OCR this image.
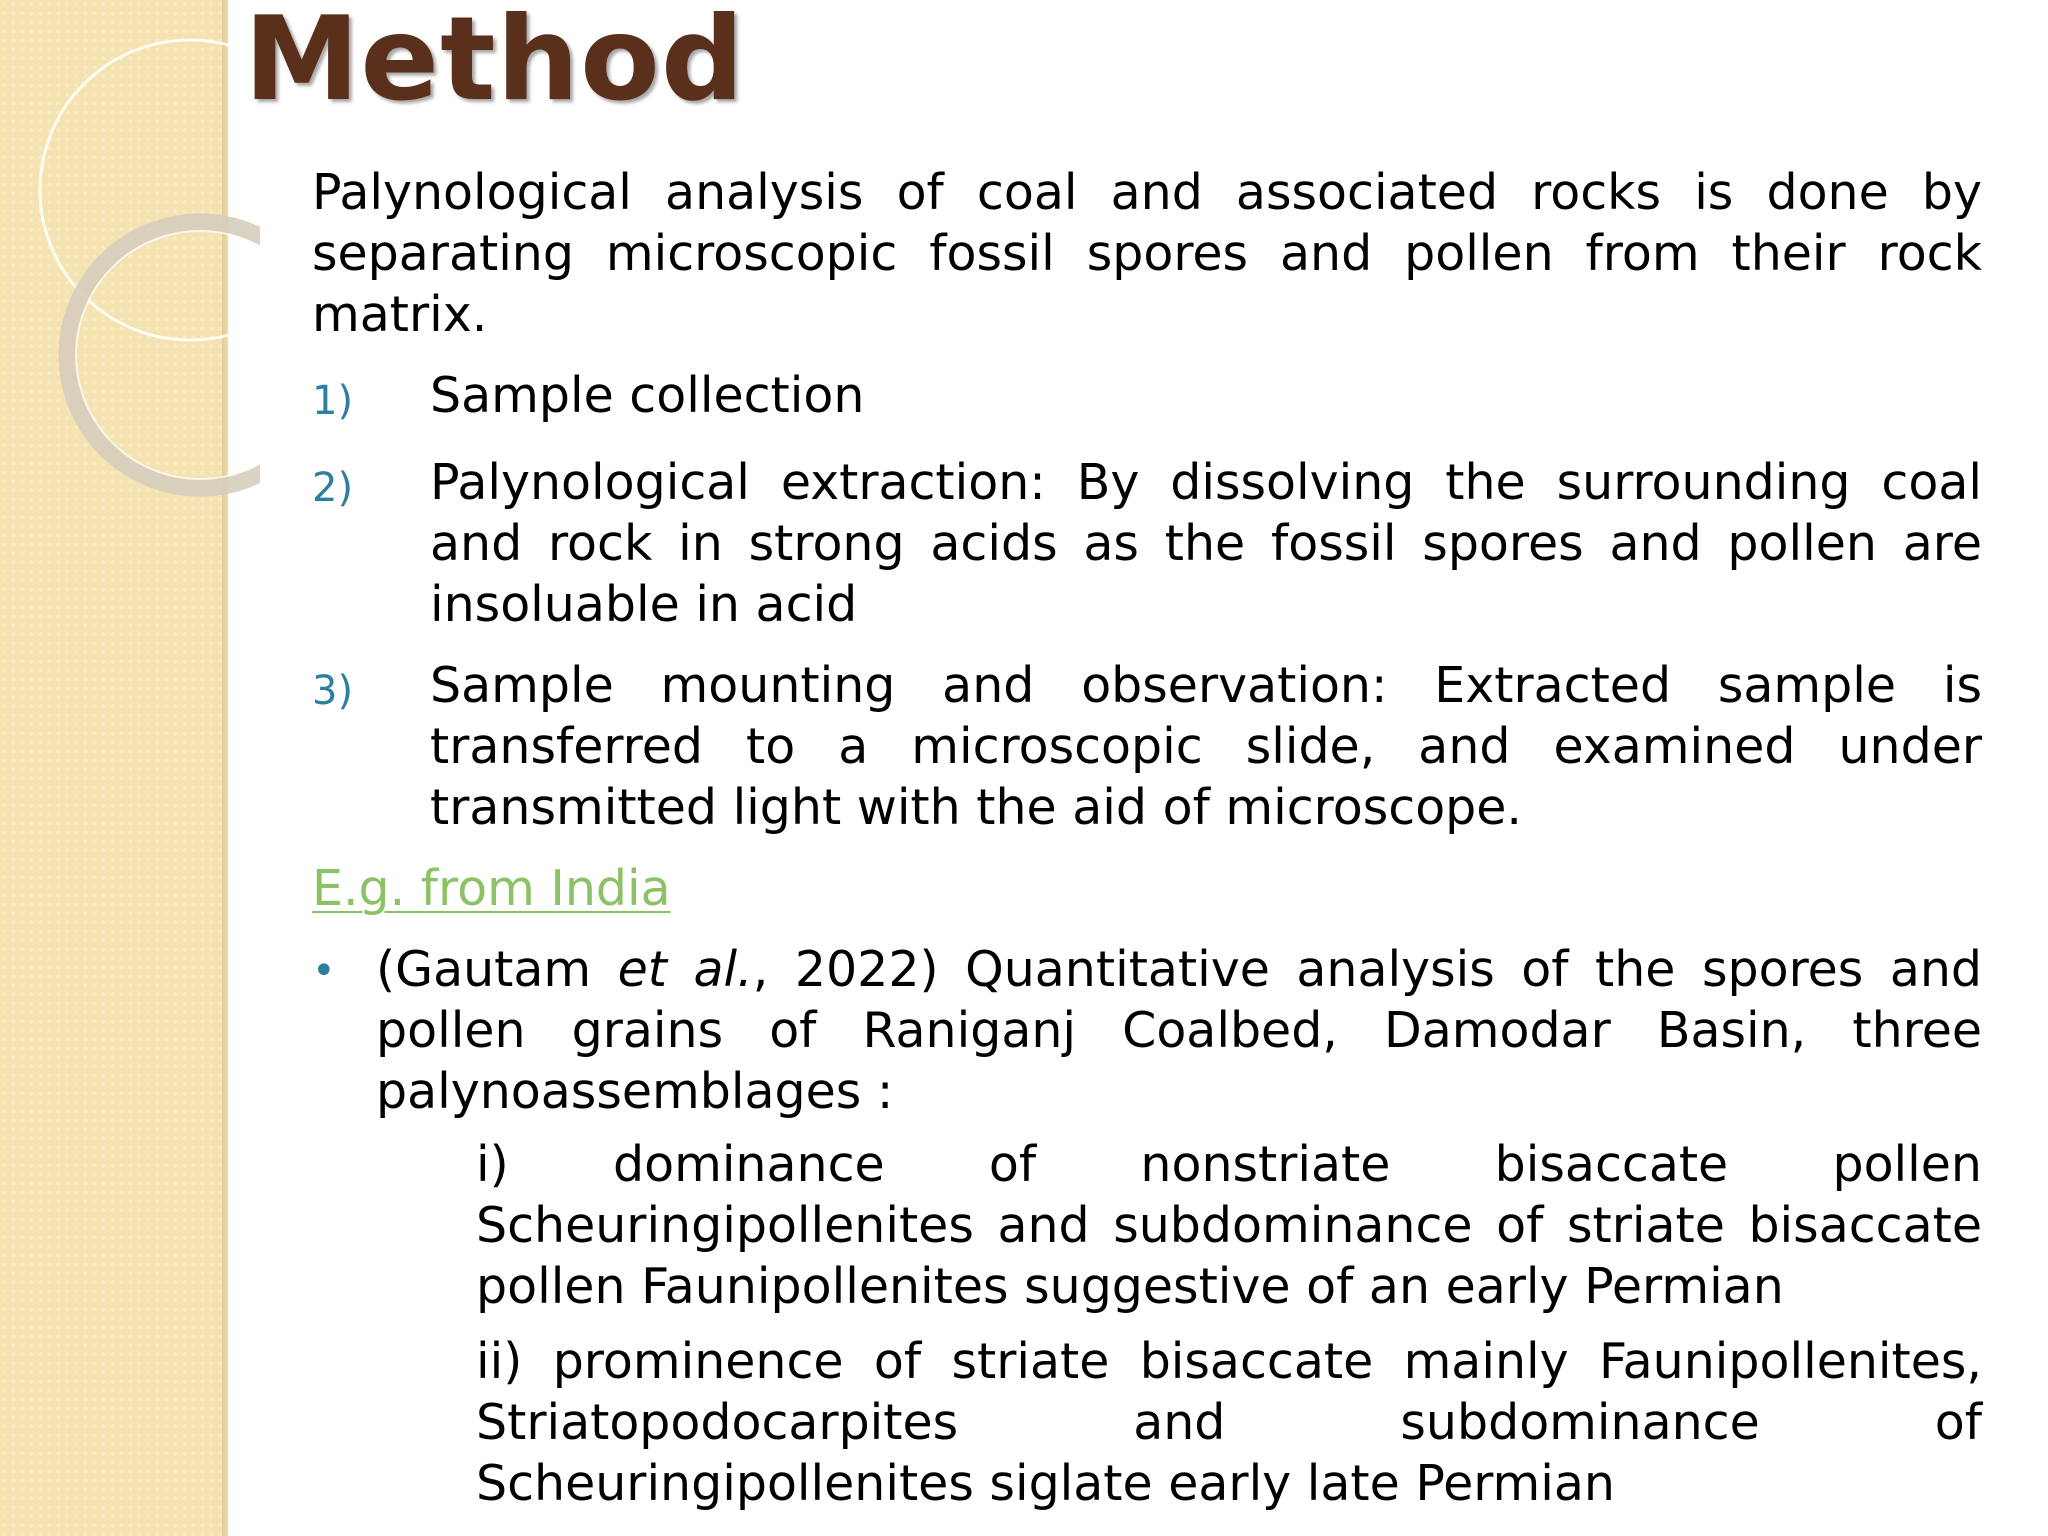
Method

Palynological analysis of coal and associated rocks is done by separating microscopic fossil spores and pollen from their rock matrix.

1)	Sample collection
2)	Palynological extraction: By dissolving the surrounding coal and rock in strong acids as the fossil spores and pollen are insoluable in acid
3)	Sample mounting and observation: Extracted sample is transferred to a microscopic slide, and examined under transmitted light with the aid of microscope.
E.g. from India
• (Gautam et al., 2022) Quantitative analysis of the spores and pollen grains of Raniganj Coalbed, Damodar Basin, three palynoassemblages :
i) dominance of nonstriate bisaccate pollen Scheuringipollenites and subdominance of striate bisaccate pollen Faunipollenites suggestive of an early Permian
ii) prominence of striate bisaccate mainly Faunipollenites, Striatopodocarpites and subdominance of Scheuringipollenites siglate early late Permian
